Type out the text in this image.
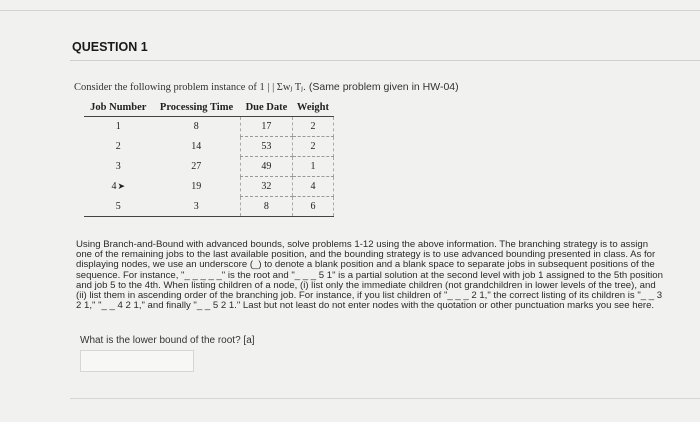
QUESTION 1
Consider the following problem instance of 1 | | Σwⱼ Tⱼ. (Same problem given in HW-04)
Job Number	Processing Time	Due Date	Weight
1	8	17	2
2	14	53	2
3	27	49	1
4➤	19	32	4
5	3	8	6

Using Branch-and-Bound with advanced bounds, solve problems 1-12 using the above information. The branching strategy is to assign

one of the remaining jobs to the last available position, and the bounding strategy is to use advanced bounding presented in class. As for

displaying nodes, we use an underscore (_) to denote a blank position and a blank space to separate jobs in subsequent positions of the

sequence. For instance, "_ _ _ _ _" is the root and "_ _ _ 5 1" is a partial solution at the second level with job 1 assigned to the 5th position

and job 5 to the 4th. When listing children of a node, (i) list only the immediate children (not grandchildren in lower levels of the tree), and

(ii) list them in ascending order of the branching job. For instance, if you list children of "_ _ _ 2 1," the correct listing of its children is "_ _ 3

2 1," "_ _ 4 2 1," and finally "_ _ 5 2 1." Last but not least do not enter nodes with the quotation or other punctuation marks you see here.

What is the lower bound of the root? [a]
